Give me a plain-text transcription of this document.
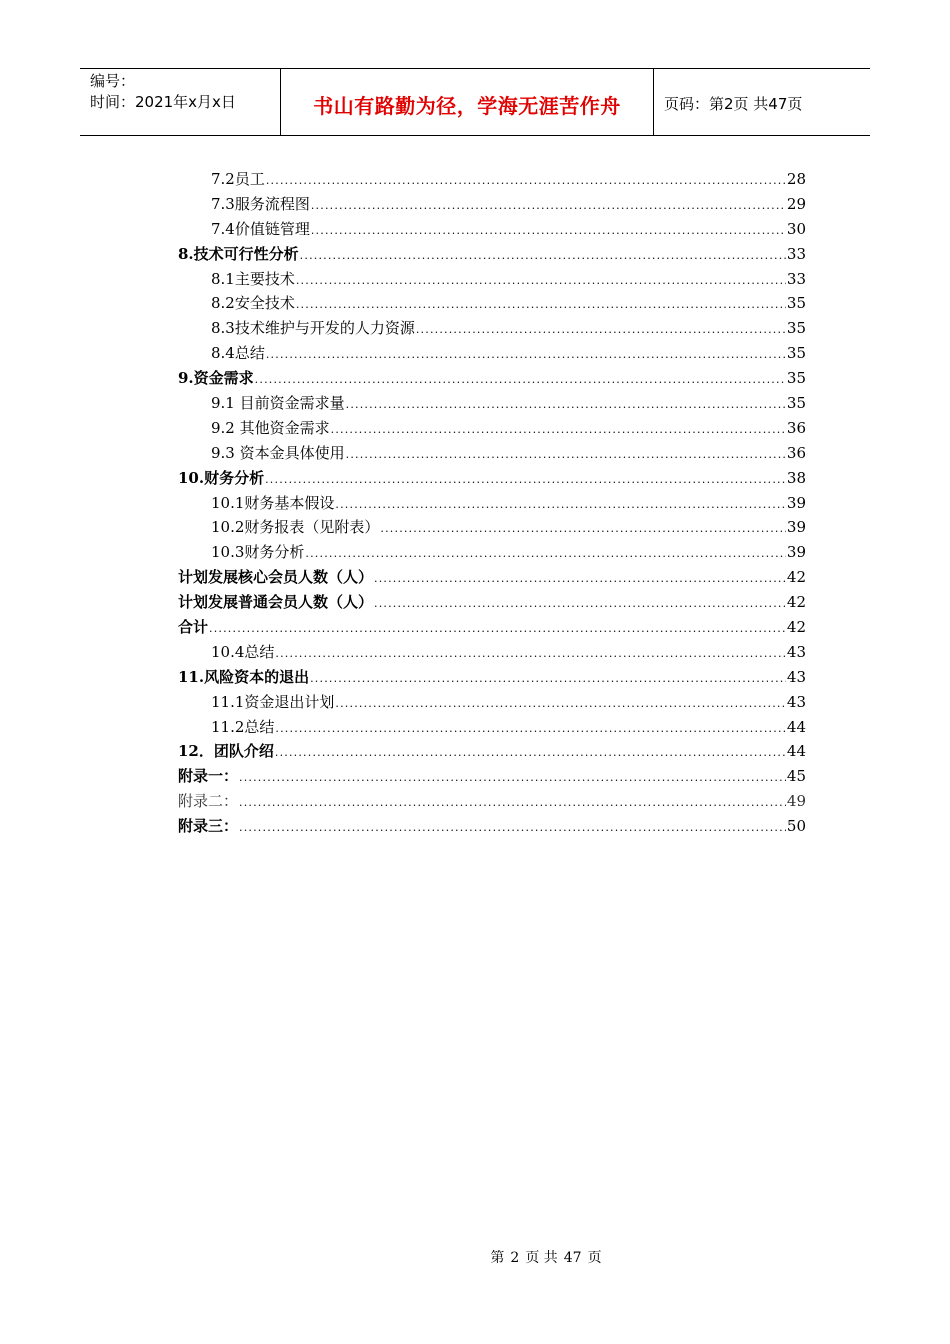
编号：
时间：2021年x月x日	书山有路勤为径，学海无涯苦作舟	页码：第2页 共47页
7.2员工 .....	28
7.3服务流程图 .....	29
7.4价值链管理 .....	30
8.技术可行性分析 .....	33
8.1主要技术 .....	33
8.2安全技术 .....	35
8.3技术维护与开发的人力资源 .....	35
8.4总结 .....	35
9.资金需求 .....	35
9.1 目前资金需求量 .....	35
9.2 其他资金需求 .....	36
9.3 资本金具体使用 .....	36
10.财务分析 .....	38
10.1财务基本假设 .....	39
10.2财务报表（见附表） .....	39
10.3财务分析 .....	39
计划发展核心会员人数（人） .....	42
计划发展普通会员人数（人） .....	42
合计 .....	42
10.4总结 .....	43
11.风险资本的退出 .....	43
11.1资金退出计划 .....	43
11.2总结 .....	44
12．团队介绍 .....	44
附录一： .....	45
附录二： .....	49
附录三： .....	50
第 2 页 共 47 页
